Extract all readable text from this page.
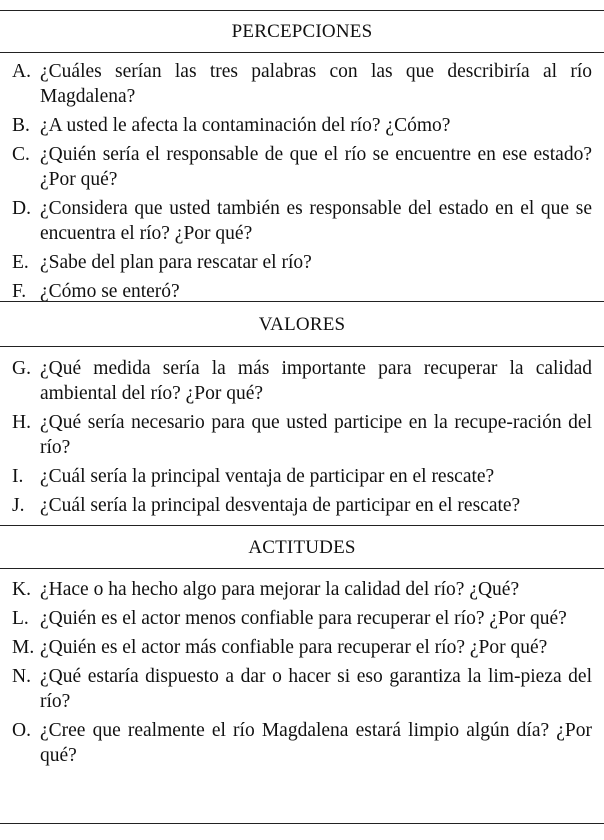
PERCEPCIONES
A. ¿Cuáles serían las tres palabras con las que describiría al río Magdalena?
B. ¿A usted le afecta la contaminación del río? ¿Cómo?
C. ¿Quién sería el responsable de que el río se encuentre en ese estado? ¿Por qué?
D. ¿Considera que usted también es responsable del estado en el que se encuentra el río? ¿Por qué?
E. ¿Sabe del plan para rescatar el río?
F. ¿Cómo se enteró?
VALORES
G. ¿Qué medida sería la más importante para recuperar la calidad ambiental del río? ¿Por qué?
H. ¿Qué sería necesario para que usted participe en la recupe-ración del río?
I. ¿Cuál sería la principal ventaja de participar en el rescate?
J. ¿Cuál sería la principal desventaja de participar en el rescate?
ACTITUDES
K. ¿Hace o ha hecho algo para mejorar la calidad del río? ¿Qué?
L. ¿Quién es el actor menos confiable para recuperar el río? ¿Por qué?
M. ¿Quién es el actor más confiable para recuperar el río? ¿Por qué?
N. ¿Qué estaría dispuesto a dar o hacer si eso garantiza la lim-pieza del río?
O. ¿Cree que realmente el río Magdalena estará limpio algún día? ¿Por qué?
